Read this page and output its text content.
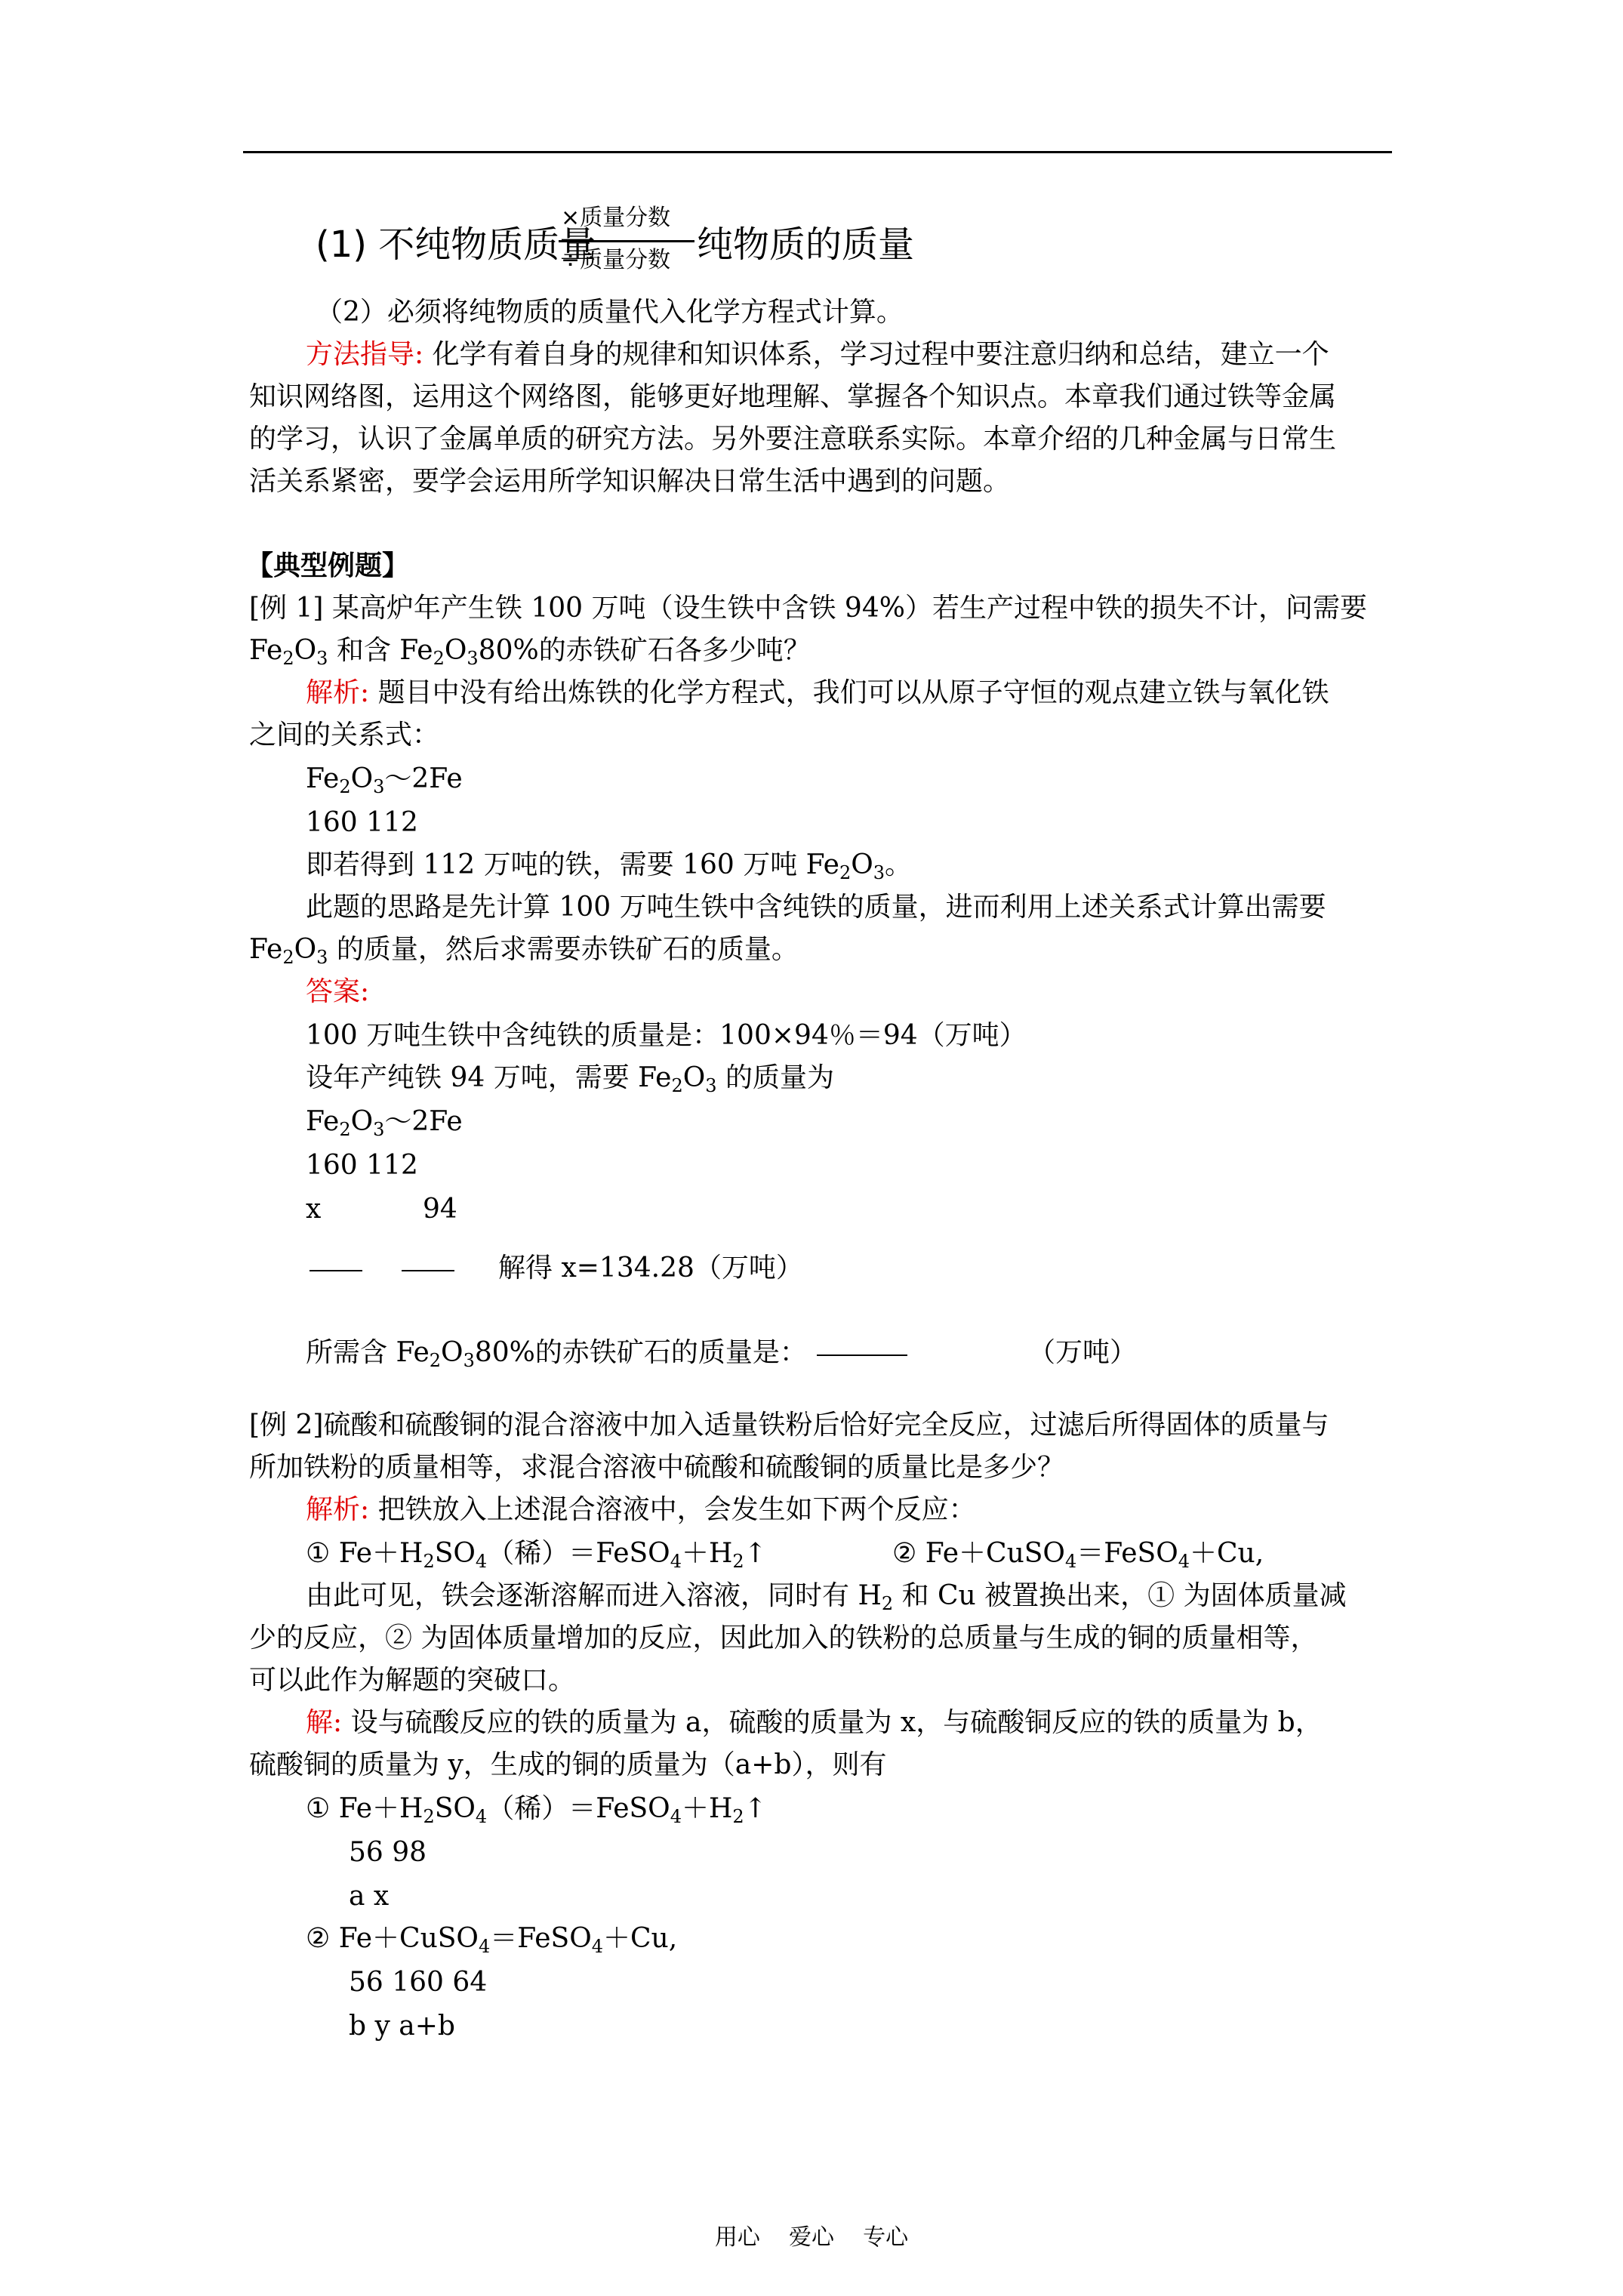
(1) 不纯物质质量
×质量分数
÷质量分数 纯物质的质量
（2）必须将纯物质的质量代入化学方程式计算。
方法指导: 化学有着自身的规律和知识体系，学习过程中要注意归纳和总结，建立一个
知识网络图，运用这个网络图，能够更好地理解、掌握各个知识点。本章我们通过铁等金属
的学习，认识了金属单质的研究方法。另外要注意联系实际。本章介绍的几种金属与日常生
活关系紧密，要学会运用所学知识解决日常生活中遇到的问题。
【典型例题】
[例 1] 某高炉年产生铁 100 万吨（设生铁中含铁 94%）若生产过程中铁的损失不计，问需要
$Fe_2O_3$ 和含 $Fe_2O_380\%$的赤铁矿石各多少吨？
解析: 题目中没有给出炼铁的化学方程式，我们可以从原子守恒的观点建立铁与氧化铁
之间的关系式：
$Fe_2O_3\sim 2Fe$
160 112
即若得到 112 万吨的铁，需要 160 万吨 $Fe_2O_3$。
此题的思路是先计算 100 万吨生铁中含纯铁的质量，进而利用上述关系式计算出需要
$Fe_2O_3$ 的质量，然后求需要赤铁矿石的质量。
答案:
100 万吨生铁中含纯铁的质量是：100×94％＝94（万吨）
设年产纯铁 94 万吨，需要 $Fe_2O_3$ 的质量为
$Fe_2O_3\sim 2Fe$
160 112
x	94
解得 x=134.28（万吨）
所需含 $Fe_2O_380\%$的赤铁矿石的质量是：	（万吨）
[例 2]硫酸和硫酸铜的混合溶液中加入适量铁粉后恰好完全反应，过滤后所得固体的质量与
所加铁粉的质量相等，求混合溶液中硫酸和硫酸铜的质量比是多少？
解析: 把铁放入上述混合溶液中，会发生如下两个反应：
① $Fe+H_2SO_4$（稀）$=FeSO_4+H_2↑$	② Fe＋CuSO$_4$＝FeSO$_4$＋Cu,
由此可见，铁会逐渐溶解而进入溶液，同时有 $H_2$ 和 Cu 被置换出来，① 为固体质量减
少的反应，② 为固体质量增加的反应，因此加入的铁粉的总质量与生成的铜的质量相等，
可以此作为解题的突破口。
解: 设与硫酸反应的铁的质量为 a，硫酸的质量为 x，与硫酸铜反应的铁的质量为 b，
硫酸铜的质量为 y，生成的铜的质量为（a+b），则有
① $Fe+H_2SO_4$（稀）$=FeSO_4+H_2↑$
56 98
a x
② Fe＋CuSO$_4$＝FeSO$_4$＋Cu,
56 160 64
b y a+b
用心    爱心    专心
